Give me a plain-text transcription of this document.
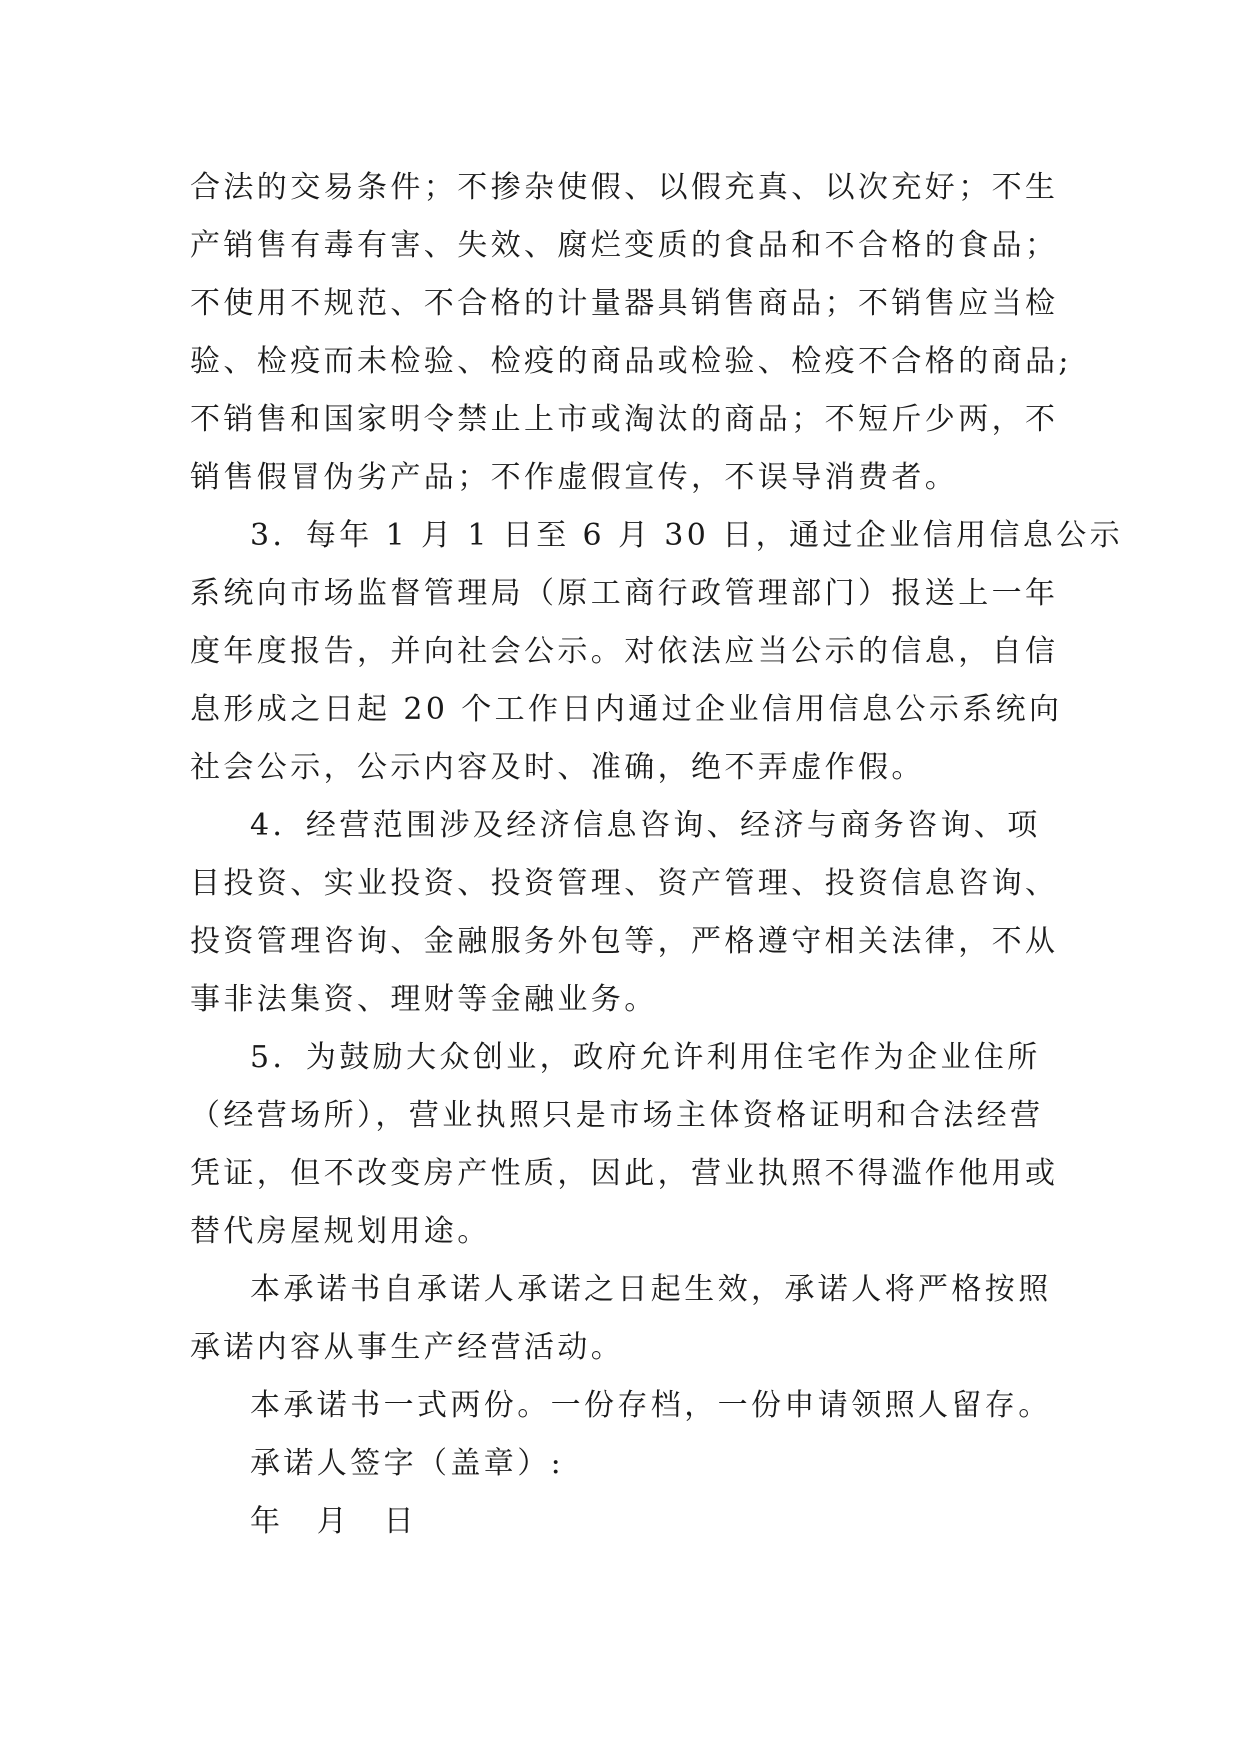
合法的交易条件；不掺杂使假、以假充真、以次充好；不生
产销售有毒有害、失效、腐烂变质的食品和不合格的食品；
不使用不规范、不合格的计量器具销售商品；不销售应当检
验、检疫而未检验、检疫的商品或检验、检疫不合格的商品;
不销售和国家明令禁止上市或淘汰的商品；不短斤少两，不
销售假冒伪劣产品；不作虚假宣传，不误导消费者。
3．每年 1 月 1 日至 6 月 30 日，通过企业信用信息公示
系统向市场监督管理局（原工商行政管理部门）报送上一年
度年度报告，并向社会公示。对依法应当公示的信息，自信
息形成之日起 20 个工作日内通过企业信用信息公示系统向
社会公示，公示内容及时、准确，绝不弄虚作假。
4．经营范围涉及经济信息咨询、经济与商务咨询、项
目投资、实业投资、投资管理、资产管理、投资信息咨询、
投资管理咨询、金融服务外包等，严格遵守相关法律，不从
事非法集资、理财等金融业务。
5．为鼓励大众创业，政府允许利用住宅作为企业住所
（经营场所），营业执照只是市场主体资格证明和合法经营
凭证，但不改变房产性质，因此，营业执照不得滥作他用或
替代房屋规划用途。
本承诺书自承诺人承诺之日起生效，承诺人将严格按照
承诺内容从事生产经营活动。
本承诺书一式两份。一份存档，一份申请领照人留存。
承诺人签字（盖章）:
年　月　日
